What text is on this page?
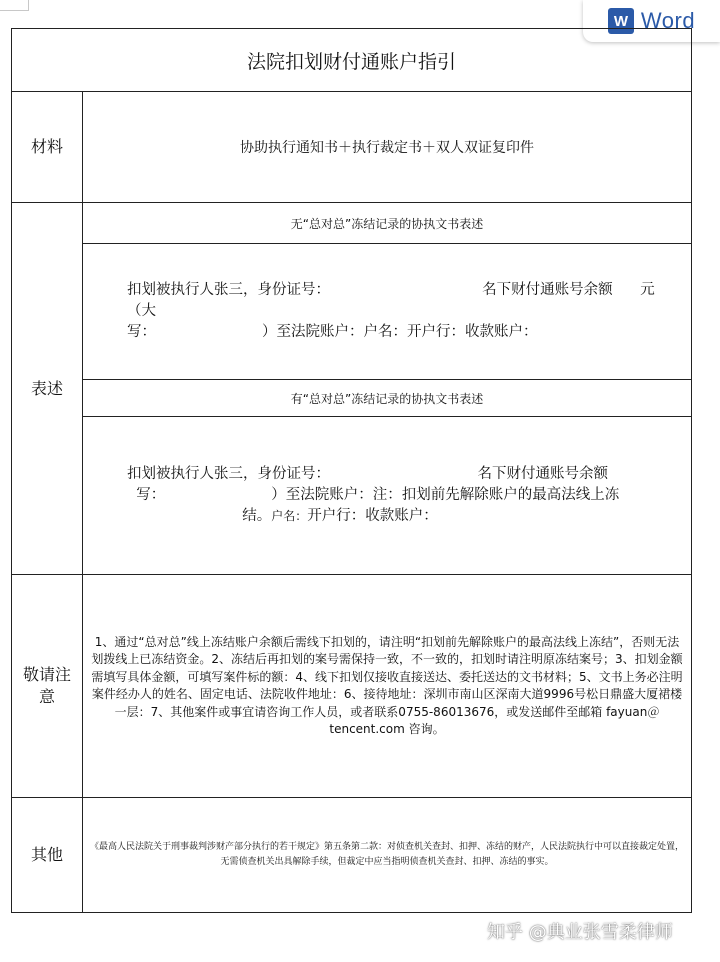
W Word
法院扣划财付通账户指引	
材料	协助执行通知书＋执行裁定书＋双人双证复印件
表述	无“总对总”冻结记录的协执文书表述
	扣划被执行人张三，身份证号： 名下财付通账号余额 元（大
写： ）至法院账户：户名：开户行：收款账户：
	有“总对总”冻结记录的协执文书表述
	扣划被执行人张三，身份证号： 名下财付通账号余额
写： ）至法院账户：注：扣划前先解除账户的最高法线上冻
结。户名：开户行：收款账户：
敬请注意	1、通过“总对总”线上冻结账户余额后需线下扣划的，请注明“扣划前先解除账户的最高法线上冻结”，否则无法划拨线上已冻结资金。2、冻结后再扣划的案号需保持一致，不一致的，扣划时请注明原冻结案号；3、扣划金额需填写具体金额，可填写案件标的额：4、线下扣划仅接收直接送达、委托送达的文书材料；5、文书上务必注明案件经办人的姓名、固定电话、法院收件地址：6、接待地址：深圳市南山区深南大道9996号松日鼎盛大厦裙楼一层：7、其他案件或事宜请咨询工作人员，或者联系0755-86013676，或发送邮件至邮箱 fayuan＠tencent.com 咨询。
其他	《最高人民法院关于刑事裁判涉财产部分执行的若干规定》第五条第二款：对侦查机关查封、扣押、冻结的财产，人民法院执行中可以直接裁定处置，无需侦查机关出具解除手续，但裁定中应当指明侦查机关查封、扣押、冻结的事实。
知乎 @典业张雪柔律师
